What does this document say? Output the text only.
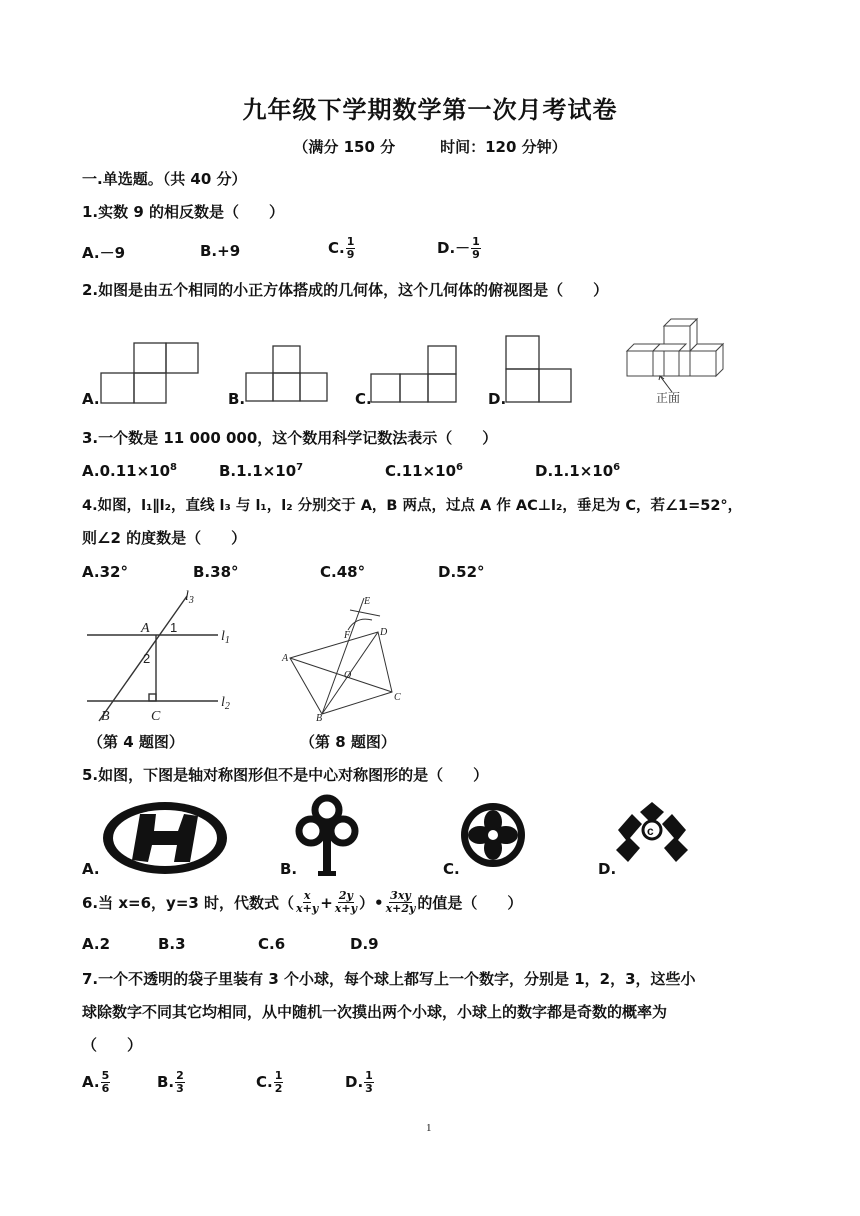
九年级下学期数学第一次月考试卷
（满分 150 分　　　时间：120 分钟）
一.单选题。（共 40 分）
1.实数 9 的相反数是（　　）
A.－9	B.+9	C. $\frac{1}{9}$	$D.- \frac{1}{9}$
2.如图是由五个相同的小正方体搭成的几何体，这个几何体的俯视图是（　　）
A.	B.	C.	D.	正面
3.一个数是 11 000 000，这个数用科学记数法表示（　　）
$A.0.11\times 10^8$	$B.1.1\times 10^7$	$C.11\times 10^6$	$D.1.1\times 10^6$
4.如图，l₁∥l₂，直线 l₃ 与 l₁，l₂ 分别交于 A，B 两点，过点 A 作 AC⊥l₂，垂足为 C，若∠1=52°，
则∠2 的度数是（　　）
A.32°	B.38°	C.48°	D.52°
A
B	C
$l_1$
$l_2$
$l_3$
1
2
（第 4 题图）
A
B
C
D
E
F
O
（第 8 题图）
5.如图，下图是轴对称图形但不是中心对称图形的是（　　）
A.	B.	C.	D.
c
6.当 x=6，y=3 时，代数式（ $\frac{x}{x+y} + \frac{2y}{x+y}$ ）• $\frac{3xy}{x+2y}$ 的值是（　　）
A.2	B.3	C.6	D.9
7.一个不透明的袋子里装有 3 个小球，每个球上都写上一个数字，分别是 1，2，3，这些小
球除数字不同其它均相同，从中随机一次摸出两个小球，小球上的数字都是奇数的概率为
（　　）
A. $\frac{5}{6}$	B. $\frac{2}{3}$	C. $\frac{1}{2}$	D. $\frac{1}{3}$
1
